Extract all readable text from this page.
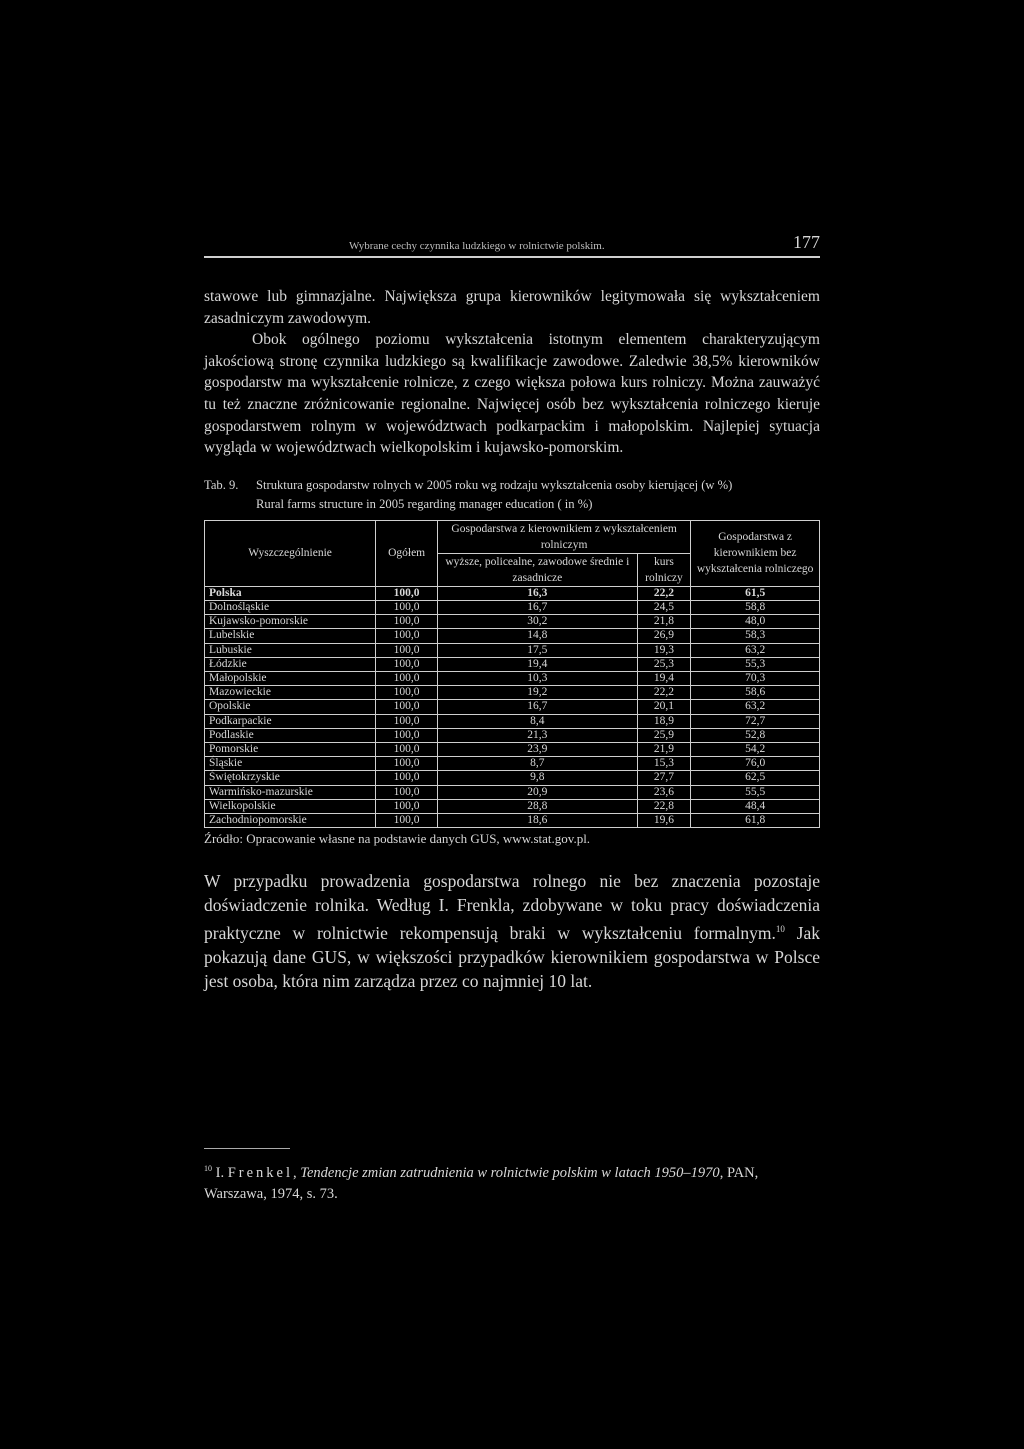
Wybrane cechy czynnika ludzkiego w rolnictwie polskim.	177

stawowe lub gimnazjalne. Największa grupa kierowników legitymowała się wykształceniem zasadniczym zawodowym.
Obok ogólnego poziomu wykształcenia istotnym elementem charakteryzującym jakościową stronę czynnika ludzkiego są kwalifikacje zawodowe. Zaledwie 38,5% kierowników gospodarstw ma wykształcenie rolnicze, z czego większa połowa kurs rolniczy. Można zauważyć tu też znaczne zróżnicowanie regionalne. Najwięcej osób bez wykształcenia rolniczego kieruje gospodarstwem rolnym w województwach podkarpackim i małopolskim. Najlepiej sytuacja wygląda w województwach wielkopolskim i kujawsko-pomorskim.

Tab. 9. Struktura gospodarstw rolnych w 2005 roku wg rodzaju wykształcenia osoby kierującej (w %)
Rural farms structure in 2005 regarding manager education ( in %)
Wyszczególnienie	Ogółem	Gospodarstwa z kierownikiem z wykształceniem rolniczym		Gospodarstwa z kierownikiem bez wykształcenia rolniczego
		wyższe, policealne, zawodowe średnie i zasadnicze	kurs rolniczy	
Polska	100,0	16,3	22,2	61,5
Dolnośląskie	100,0	16,7	24,5	58,8
Kujawsko-pomorskie	100,0	30,2	21,8	48,0
Lubelskie	100,0	14,8	26,9	58,3
Lubuskie	100,0	17,5	19,3	63,2
Łódzkie	100,0	19,4	25,3	55,3
Małopolskie	100,0	10,3	19,4	70,3
Mazowieckie	100,0	19,2	22,2	58,6
Opolskie	100,0	16,7	20,1	63,2
Podkarpackie	100,0	8,4	18,9	72,7
Podlaskie	100,0	21,3	25,9	52,8
Pomorskie	100,0	23,9	21,9	54,2
Śląskie	100,0	8,7	15,3	76,0
Świętokrzyskie	100,0	9,8	27,7	62,5
Warmińsko-mazurskie	100,0	20,9	23,6	55,5
Wielkopolskie	100,0	28,8	22,8	48,4
Zachodniopomorskie	100,0	18,6	19,6	61,8
Źródło: Opracowanie własne na podstawie danych GUS, www.stat.gov.pl.

W przypadku prowadzenia gospodarstwa rolnego nie bez znaczenia pozostaje doświadczenie rolnika. Według I. Frenkla, zdobywane w toku pracy doświadczenia praktyczne w rolnictwie rekompensują braki w wykształceniu formalnym.$^{10}$ Jak pokazują dane GUS, w większości przypadków kierownikiem gospodarstwa w Polsce jest osoba, która nim zarządza przez co najmniej 10 lat.

$^{10}$ I. Frenkel, Tendencje zmian zatrudnienia w rolnictwie polskim w latach 1950–1970, PAN, Warszawa, 1974, s. 73.
